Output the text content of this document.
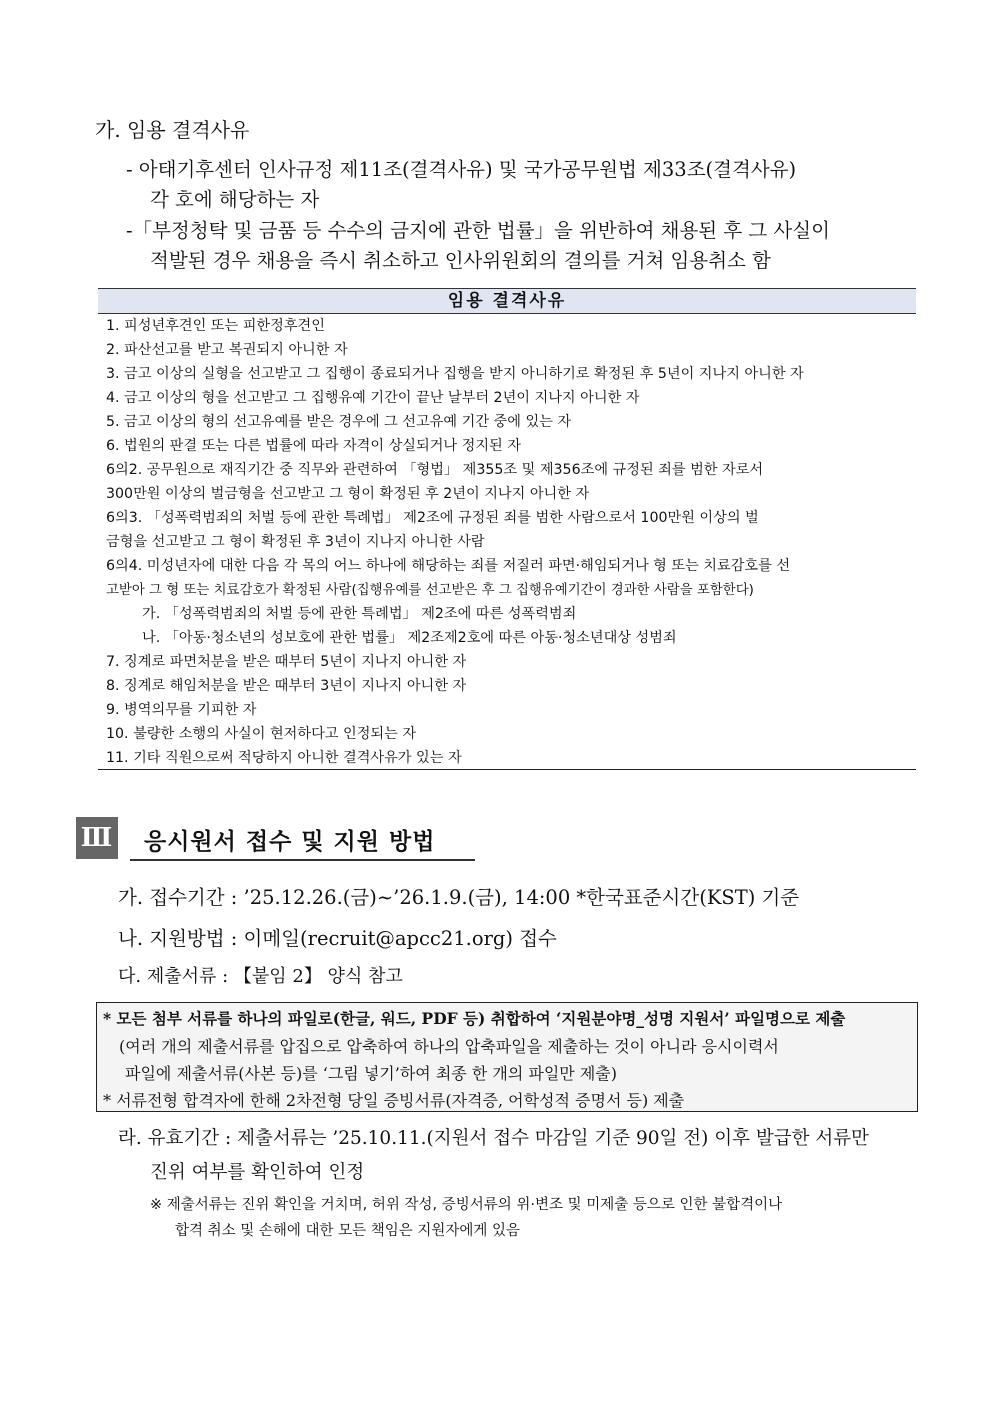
가. 임용 결격사유
- 아태기후센터 인사규정 제11조(결격사유) 및 국가공무원법 제33조(결격사유)
각 호에 해당하는 자
-「부정청탁 및 금품 등 수수의 금지에 관한 법률」을 위반하여 채용된 후 그 사실이
적발된 경우 채용을 즉시 취소하고 인사위원회의 결의를 거쳐 임용취소 함
임용 결격사유
1. 피성년후견인 또는 피한정후견인
2. 파산선고를 받고 복권되지 아니한 자
3. 금고 이상의 실형을 선고받고 그 집행이 종료되거나 집행을 받지 아니하기로 확정된 후 5년이 지나지 아니한 자
4. 금고 이상의 형을 선고받고 그 집행유예 기간이 끝난 날부터 2년이 지나지 아니한 자
5. 금고 이상의 형의 선고유예를 받은 경우에 그 선고유예 기간 중에 있는 자
6. 법원의 판결 또는 다른 법률에 따라 자격이 상실되거나 정지된 자
6의2. 공무원으로 재직기간 중 직무와 관련하여 「형법」 제355조 및 제356조에 규정된 죄를 범한 자로서
300만원 이상의 벌금형을 선고받고 그 형이 확정된 후 2년이 지나지 아니한 자
6의3. 「성폭력범죄의 처벌 등에 관한 특례법」 제2조에 규정된 죄를 범한 사람으로서 100만원 이상의 벌
금형을 선고받고 그 형이 확정된 후 3년이 지나지 아니한 사람
6의4. 미성년자에 대한 다음 각 목의 어느 하나에 해당하는 죄를 저질러 파면·해임되거나 형 또는 치료감호를 선
고받아 그 형 또는 치료감호가 확정된 사람(집행유예를 선고받은 후 그 집행유예기간이 경과한 사람을 포함한다)
가. 「성폭력범죄의 처벌 등에 관한 특례법」 제2조에 따른 성폭력범죄
나. 「아동·청소년의 성보호에 관한 법률」 제2조제2호에 따른 아동·청소년대상 성범죄
7. 징계로 파면처분을 받은 때부터 5년이 지나지 아니한 자
8. 징계로 해임처분을 받은 때부터 3년이 지나지 아니한 자
9. 병역의무를 기피한 자
10. 불량한 소행의 사실이 현저하다고 인정되는 자
11. 기타 직원으로써 적당하지 아니한 결격사유가 있는 자
Ⅲ 응시원서 접수 및 지원 방법
가. 접수기간 : ’25.12.26.(금)∼’26.1.9.(금), 14:00 *한국표준시간(KST) 기준
나. 지원방법 : 이메일(recruit@apcc21.org) 접수
다. 제출서류 : 【붙임 2】 양식 참고
* 모든 첨부 서류를 하나의 파일로(한글, 워드, PDF 등) 취합하여 ‘지원분야명_성명 지원서’ 파일명으로 제출
(여러 개의 제출서류를 압집으로 압축하여 하나의 압축파일을 제출하는 것이 아니라 응시이력서
파일에 제출서류(사본 등)를 ‘그림 넣기’하여 최종 한 개의 파일만 제출)
* 서류전형 합격자에 한해 2차전형 당일 증빙서류(자격증, 어학성적 증명서 등) 제출
라. 유효기간 : 제출서류는 ’25.10.11.(지원서 접수 마감일 기준 90일 전) 이후 발급한 서류만
진위 여부를 확인하여 인정
※ 제출서류는 진위 확인을 거치며, 허위 작성, 증빙서류의 위·변조 및 미제출 등으로 인한 불합격이나
합격 취소 및 손해에 대한 모든 책임은 지원자에게 있음
